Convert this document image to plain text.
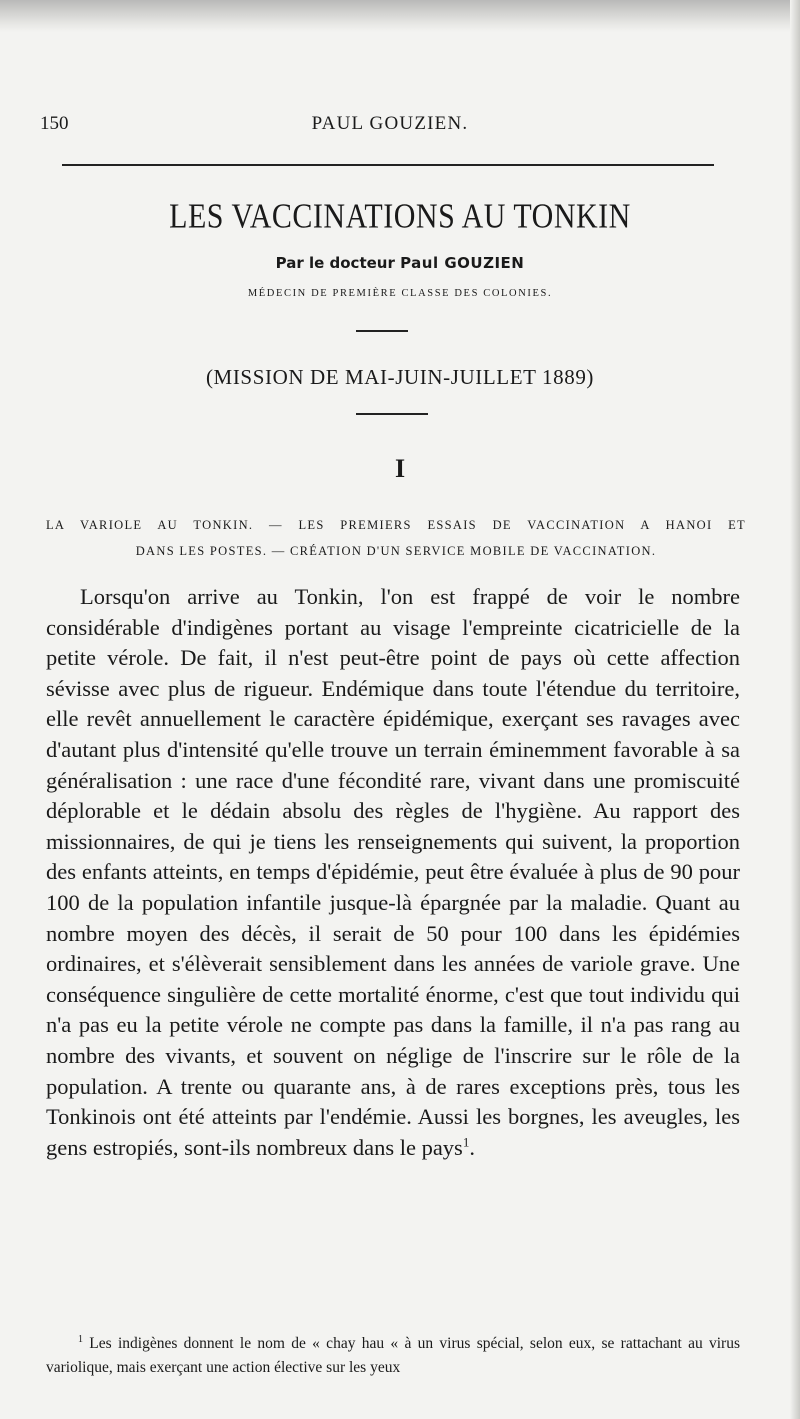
150	PAUL GOUZIEN.
LES VACCINATIONS AU TONKIN
Par le docteur Paul GOUZIEN
MÉDECIN DE PREMIÈRE CLASSE DES COLONIES.
(MISSION DE MAI-JUIN-JUILLET 1889)
I
LA VARIOLE AU TONKIN. — LES PREMIERS ESSAIS DE VACCINATION A HANOI ET
DANS LES POSTES. — CRÉATION D'UN SERVICE MOBILE DE VACCINATION.

Lorsqu'on arrive au Tonkin, l'on est frappé de voir le nombre considérable d'indigènes portant au visage l'empreinte cicatricielle de la petite vérole. De fait, il n'est peut-être point de pays où cette affection sévisse avec plus de rigueur. Endémique dans toute l'étendue du territoire, elle revêt annuellement le caractère épidémique, exerçant ses ravages avec d'autant plus d'intensité qu'elle trouve un terrain éminemment favorable à sa généralisation : une race d'une fécondité rare, vivant dans une promiscuité déplorable et le dédain absolu des règles de l'hygiène. Au rapport des missionnaires, de qui je tiens les renseignements qui suivent, la proportion des enfants atteints, en temps d'épidémie, peut être évaluée à plus de 90 pour 100 de la population infantile jusque-là épargnée par la maladie. Quant au nombre moyen des décès, il serait de 50 pour 100 dans les épidémies ordinaires, et s'élèverait sensiblement dans les années de variole grave. Une conséquence singulière de cette mortalité énorme, c'est que tout individu qui n'a pas eu la petite vérole ne compte pas dans la famille, il n'a pas rang au nombre des vivants, et souvent on néglige de l'inscrire sur le rôle de la population. A trente ou quarante ans, à de rares exceptions près, tous les Tonkinois ont été atteints par l'endémie. Aussi les borgnes, les aveugles, les gens estropiés, sont-ils nombreux dans le pays$^1$.

$^1$ Les indigènes donnent le nom de « chay hau « à un virus spécial, selon eux, se rattachant au virus variolique, mais exerçant une action élective sur les yeux
